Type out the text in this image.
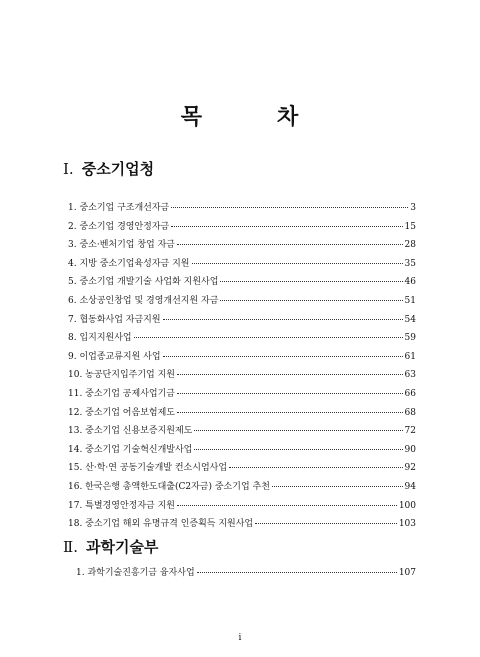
목	차
Ⅰ. 중소기업청
1. 중소기업 구조개선자금	3
2. 중소기업 경영안정자금	15
3. 중소·벤처기업 창업 자금	28
4. 지방 중소기업육성자금 지원	35
5. 중소기업 개발기술 사업화 지원사업	46
6. 소상공인창업 및 경영개선지원 자금	51
7. 협동화사업 자금지원	54
8. 입지지원사업	59
9. 이업종교류지원 사업	61
10. 농공단지입주기업 지원	63
11. 중소기업 공제사업기금	66
12. 중소기업 어음보험제도	68
13. 중소기업 신용보증지원제도	72
14. 중소기업 기술혁신개발사업	90
15. 산·학·연 공동기술개발 컨소시엄사업	92
16. 한국은행 총액한도대출(C2자금) 중소기업 추천	94
17. 특별경영안정자금 지원	100
18. 중소기업 해외 유명규격 인증획득 지원사업	103
Ⅱ. 과학기술부
1. 과학기술진흥기금 융자사업	107
i
